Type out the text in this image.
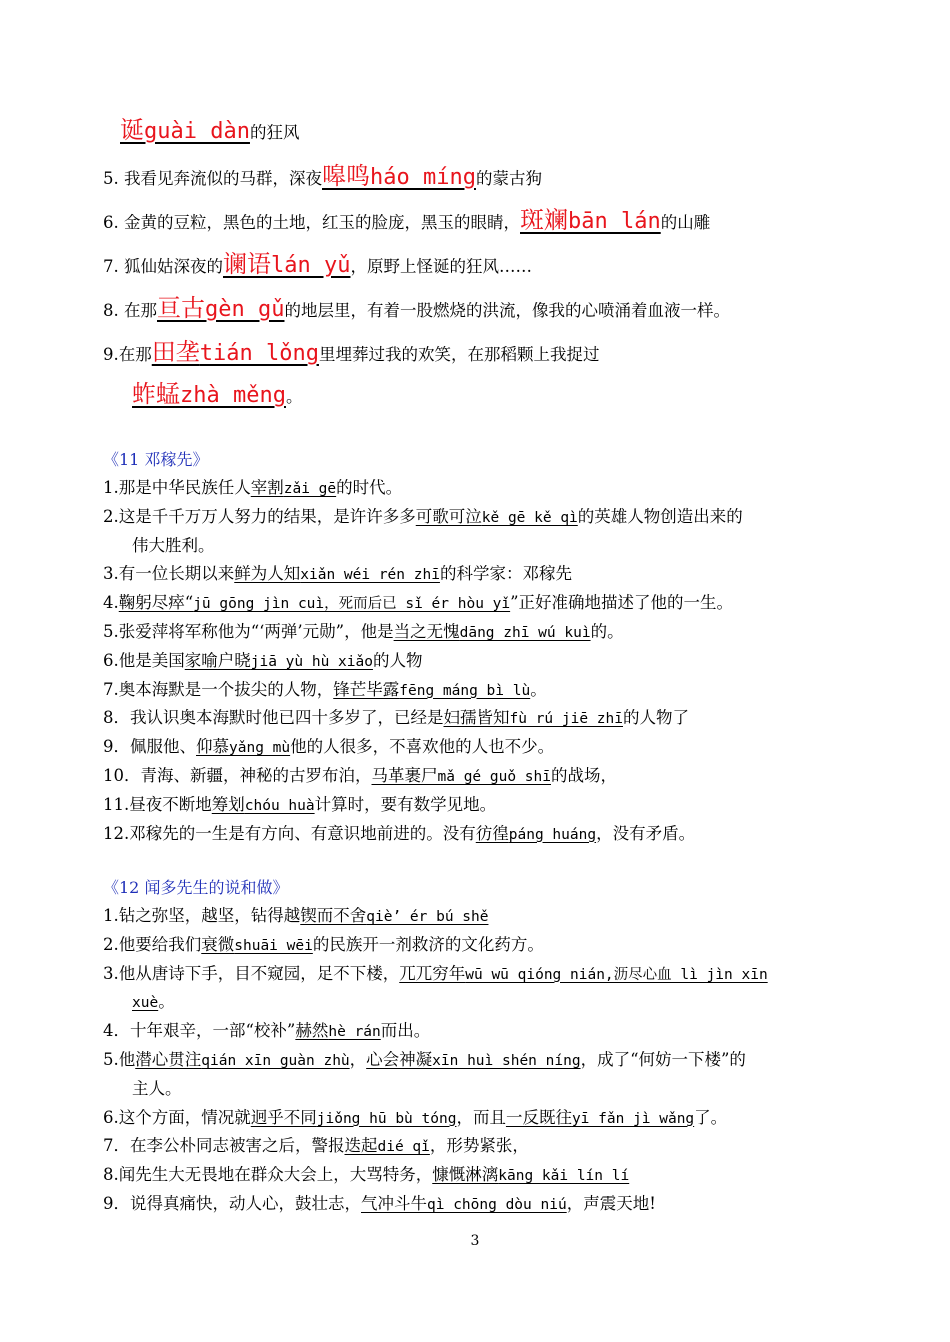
诞guài dàn的狂风
5. 我看见奔流似的马群，深夜嗥鸣háo míng的蒙古狗
6. 金黄的豆粒，黑色的土地，红玉的脸庞，黑玉的眼睛，斑斓bān lán的山雕
7. 狐仙姑深夜的谰语lán yǔ，原野上怪诞的狂风……
8. 在那亘古gèn gǔ的地层里，有着一股燃烧的洪流，像我的心喷涌着血液一样。
9.在那田垄tián lǒng里埋葬过我的欢笑，在那稻颗上我捉过
蚱蜢zhà měng。
《11 邓稼先》
1.那是中华民族任人宰割zǎi gē的时代。
2.这是千千万万人努力的结果，是许许多多可歌可泣kě gē kě qì的英雄人物创造出来的
伟大胜利。
3.有一位长期以来鲜为人知xiǎn wéi rén zhī的科学家：邓稼先
4.鞠躬尽瘁“jū gōng jìn cuì，死而后已 sǐ ér hòu yǐ”正好准确地描述了他的一生。
5.张爱萍将军称他为“‘两弹’元勋”，他是当之无愧dāng zhī wú kuì的。
6.他是美国家喻户晓jiā yù hù xiǎo的人物
7.奥本海默是一个拔尖的人物，锋芒毕露fēng máng bì lù。
8．我认识奥本海默时他已四十多岁了，已经是妇孺皆知fù rú jiē zhī的人物了
9．佩服他、仰慕yǎng mù他的人很多，不喜欢他的人也不少。
10．青海、新疆，神秘的古罗布泊，马革裹尸mǎ gé guǒ shī的战场，
11.昼夜不断地筹划chóu huà计算时，要有数学见地。
12.邓稼先的一生是有方向、有意识地前进的。没有彷徨páng huáng，没有矛盾。
《12 闻多先生的说和做》
1.钻之弥坚，越坚，钻得越锲而不舍qiè’ ér bú shě
2.他要给我们衰微shuāi wēi的民族开一剂救济的文化药方。
3.他从唐诗下手，目不窥园，足不下楼，兀兀穷年wū wū qióng nián,沥尽心血 lì jìn xīn
xuè。
4．十年艰辛，一部“校补”赫然hè rán而出。
5.他潜心贯注qián xīn guàn zhù，心会神凝xīn huì shén níng，成了“何妨一下楼”的
主人。
6.这个方面，情况就迥乎不同jiǒng hū bù tóng，而且一反既往yī fǎn jì wǎng了。
7．在李公朴同志被害之后，警报迭起dié qǐ，形势紧张，
8.闻先生大无畏地在群众大会上，大骂特务，慷慨淋漓kāng kǎi lín lí
9．说得真痛快，动人心，鼓壮志，气冲斗牛qì chōng dòu niú，声震天地!
3
